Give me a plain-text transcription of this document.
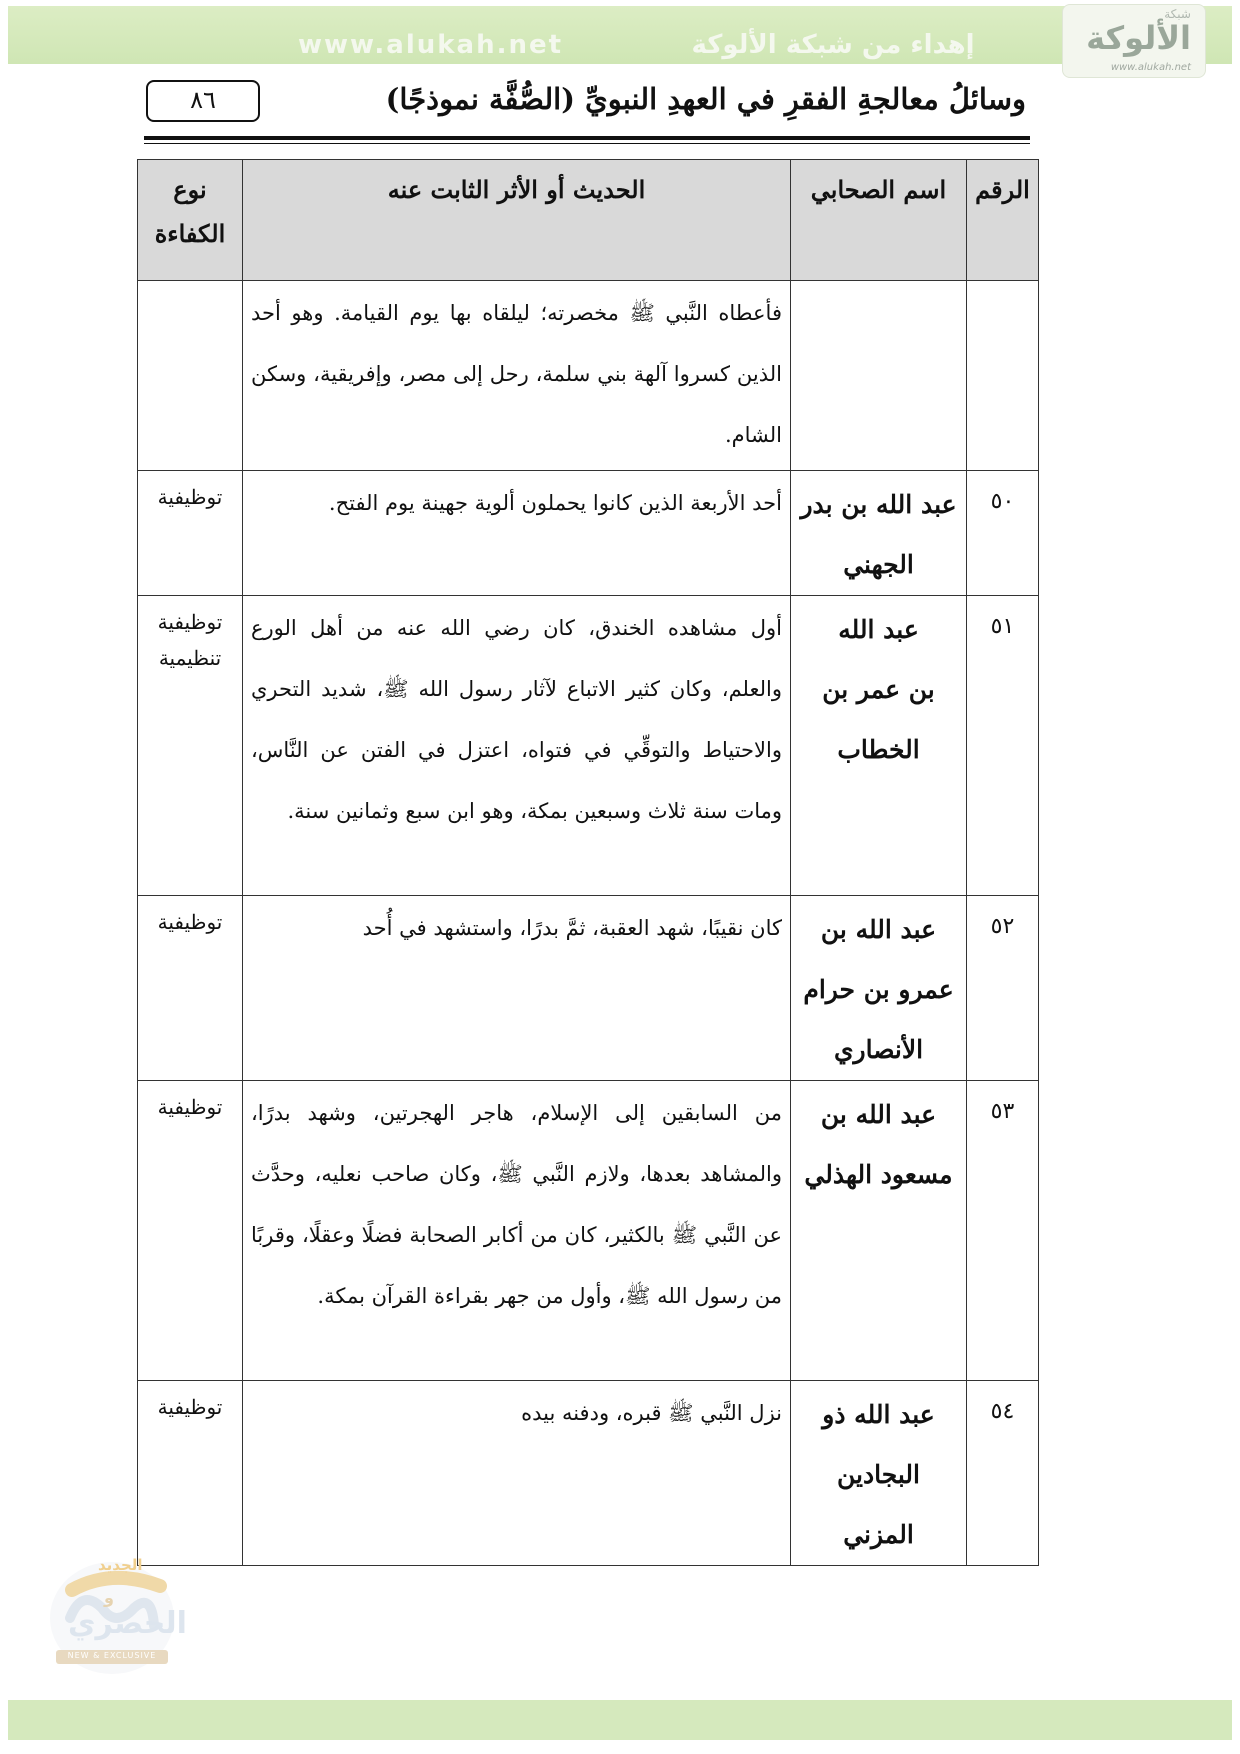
www.alukah.net	إهداء من شبكة الألوكة
شبكة
الألوكة
www.alukah.net
٨٦	وسائلُ معالجةِ الفقرِ في العهدِ النبويِّ (الصُّفَّة نموذجًا)
الرقم	اسم الصحابي	الحديث أو الأثر الثابت عنه	نوع الكفاءة
		فأعطاه النَّبي ﷺ مخصرته؛ ليلقاه بها يوم القيامة. وهو أحد الذين كسروا آلهة بني سلمة، رحل إلى مصر، وإفريقية، وسكن الشام.	
٥٠	عبد الله بن بدر الجهني	أحد الأربعة الذين كانوا يحملون ألوية جهينة يوم الفتح.	توظيفية
٥١	عبد الله بن عمر بن الخطاب	أول مشاهده الخندق، كان رضي الله عنه من أهل الورع والعلم، وكان كثير الاتباع لآثار رسول الله ﷺ، شديد التحري والاحتياط والتوقِّي في فتواه، اعتزل في الفتن عن النَّاس، ومات سنة ثلاث وسبعين بمكة، وهو ابن سبع وثمانين سنة.	توظيفية تنظيمية
٥٢	عبد الله بن عمرو بن حرام الأنصاري	كان نقيبًا، شهد العقبة، ثمَّ بدرًا، واستشهد في أُحد	توظيفية
٥٣	عبد الله بن مسعود الهذلي	من السابقين إلى الإسلام، هاجر الهجرتين، وشهد بدرًا، والمشاهد بعدها، ولازم النَّبي ﷺ، وكان صاحب نعليه، وحدَّث عن النَّبي ﷺ بالكثير، كان من أكابر الصحابة فضلًا وعقلًا، وقربًا من رسول الله ﷺ، وأول من جهر بقراءة القرآن بمكة.	توظيفية
٥٤	عبد الله ذو البجادين المزني	نزل النَّبي ﷺ قبره، ودفنه بيده	توظيفية
الجديد
و
الحصري
NEW & EXCLUSIVE
